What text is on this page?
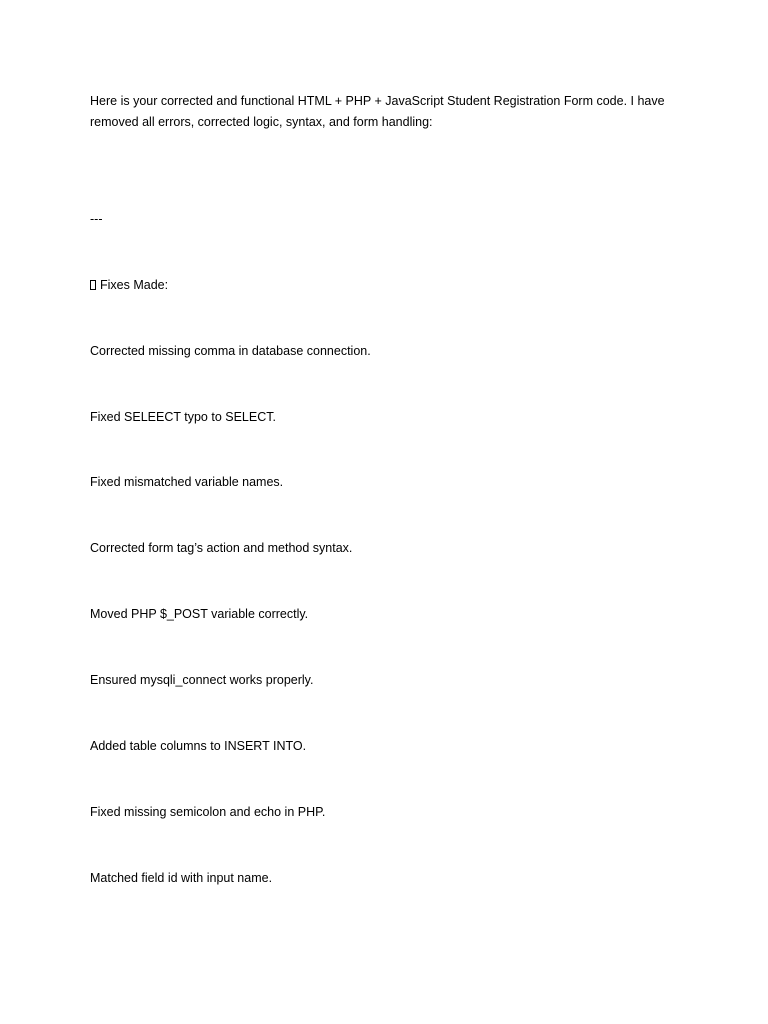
Here is your corrected and functional HTML + PHP + JavaScript Student Registration Form code. I have removed all errors, corrected logic, syntax, and form handling:
---
Fixes Made:
Corrected missing comma in database connection.
Fixed SELEECT typo to SELECT.
Fixed mismatched variable names.
Corrected form tag’s action and method syntax.
Moved PHP $_POST variable correctly.
Ensured mysqli_connect works properly.
Added table columns to INSERT INTO.
Fixed missing semicolon and echo in PHP.
Matched field id with input name.
